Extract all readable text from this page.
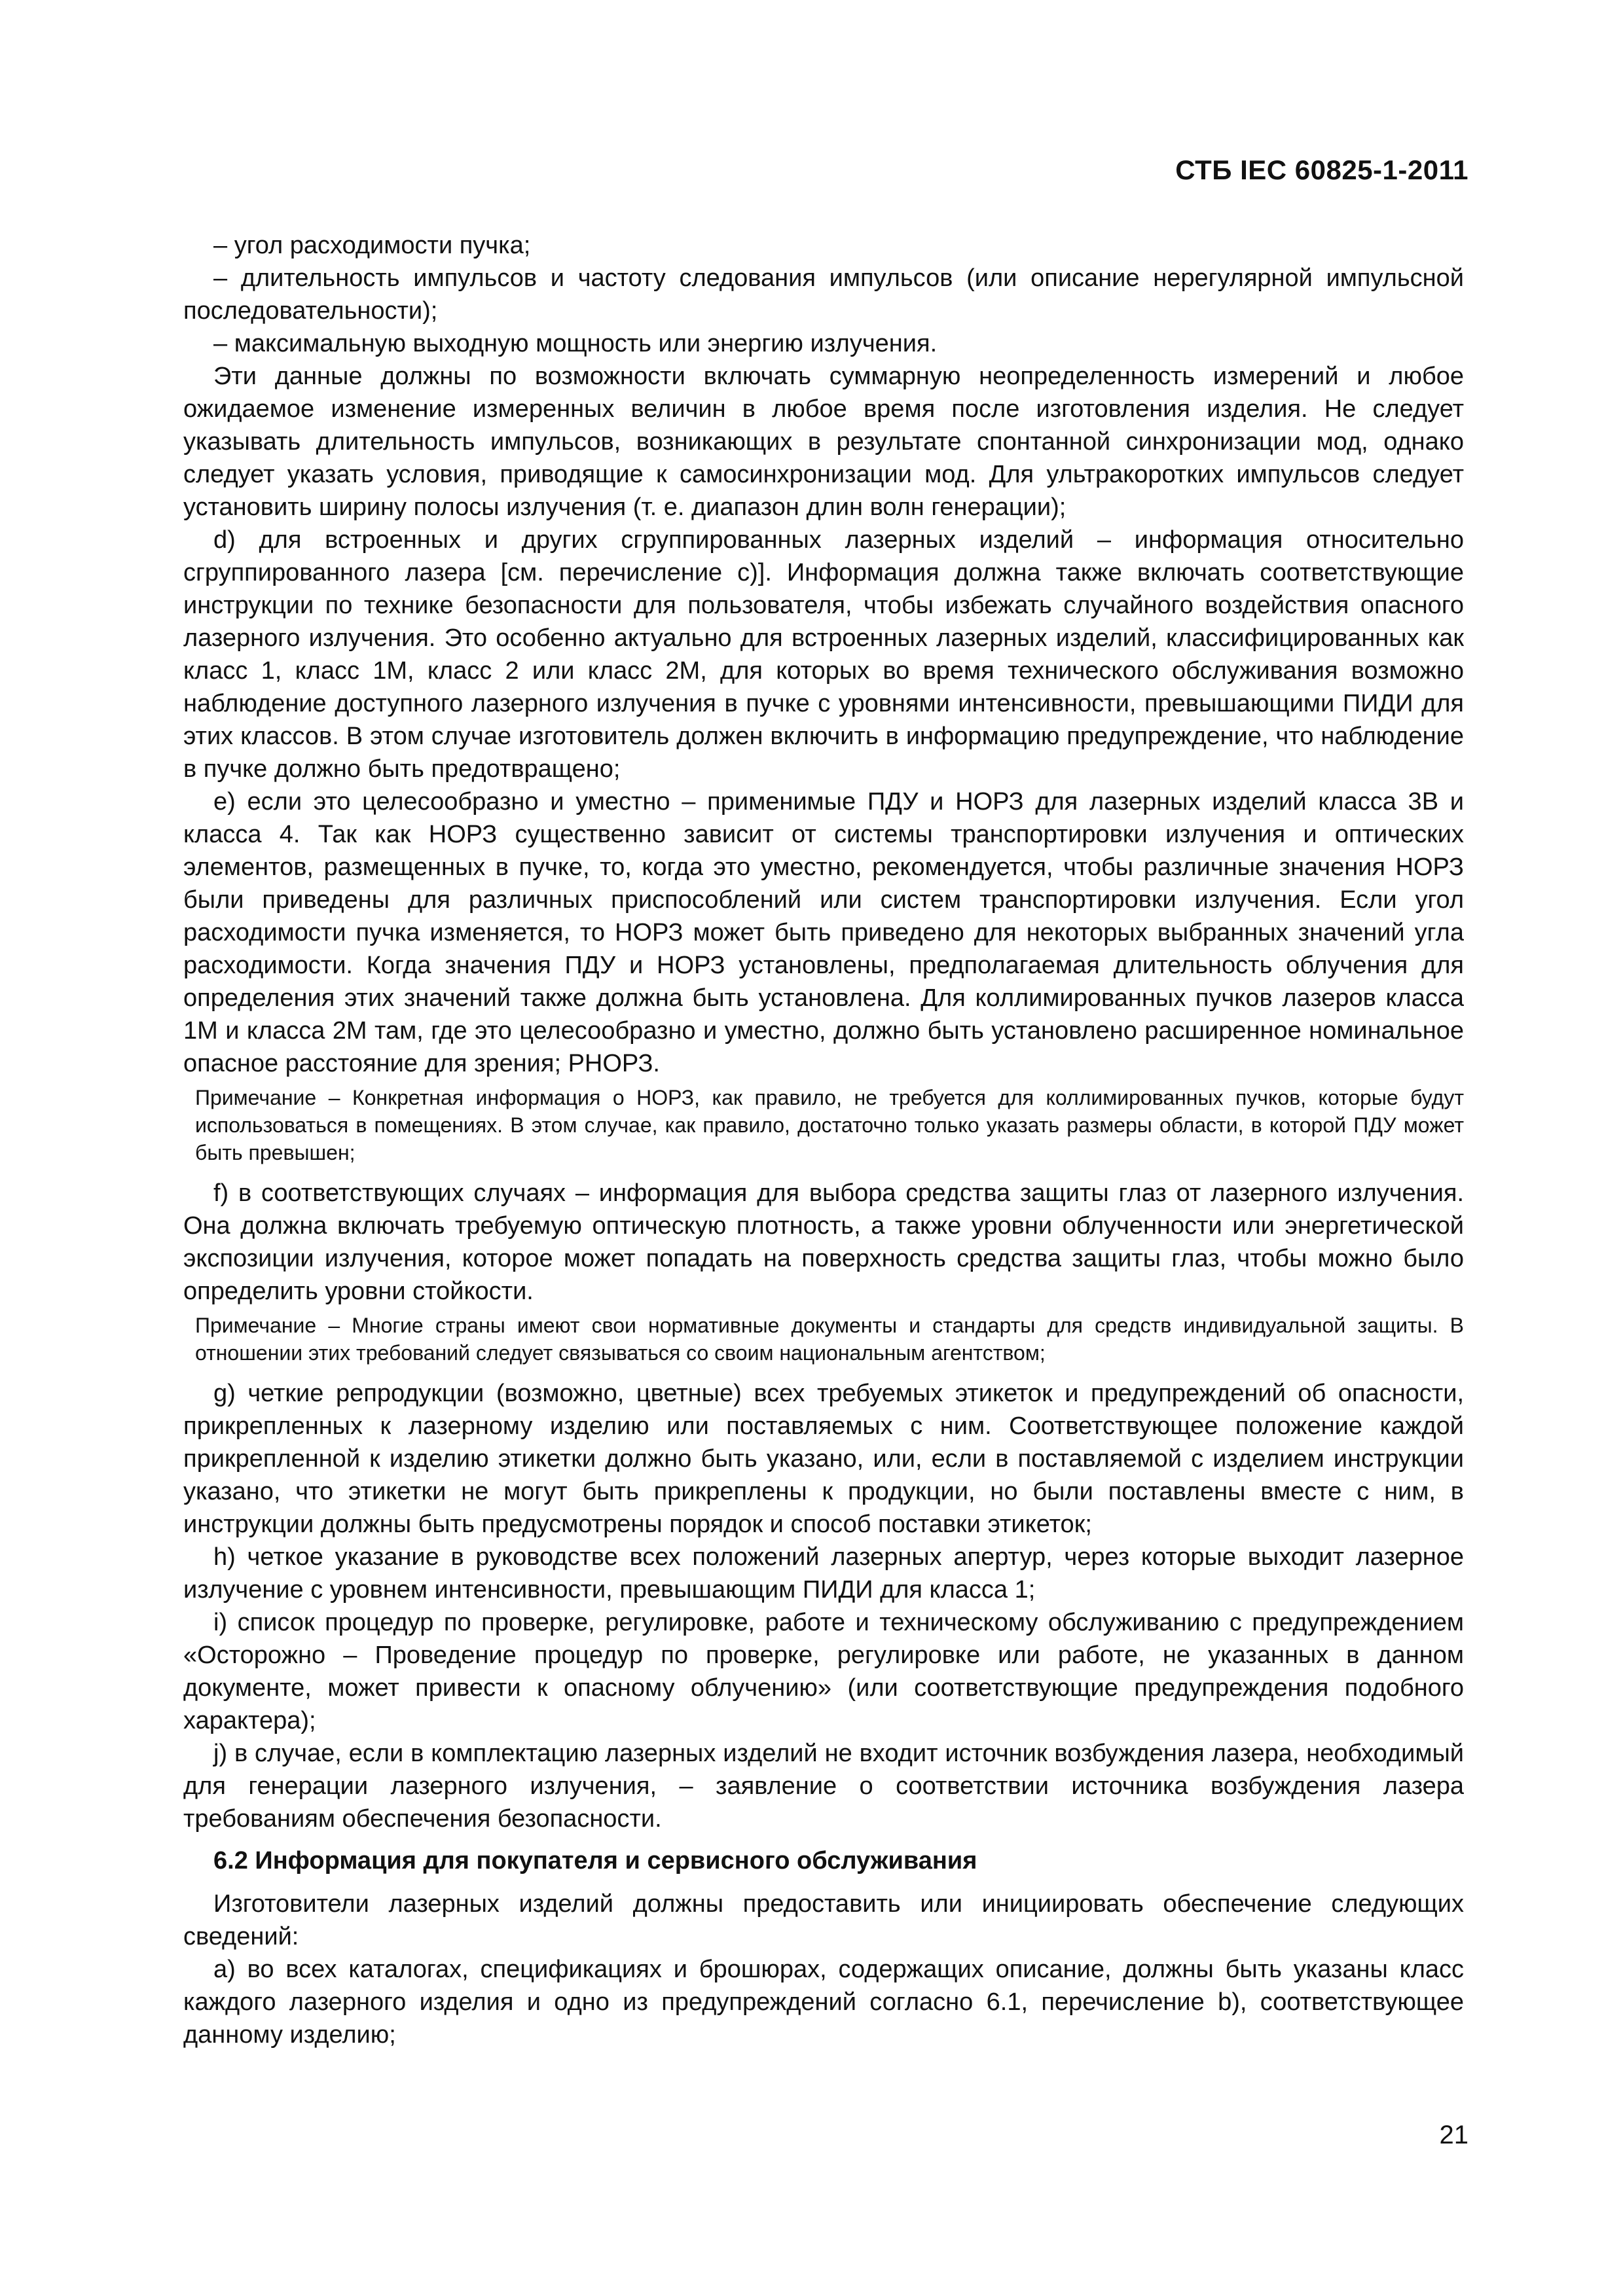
СТБ IEC 60825-1-2011

– угол расходимости пучка;

– длительность импульсов и частоту следования импульсов (или описание нерегулярной импульсной последовательности);

– максимальную выходную мощность или энергию излучения.

Эти данные должны по возможности включать суммарную неопределенность измерений и любое ожидаемое изменение измеренных величин в любое время после изготовления изделия. Не следует указывать длительность импульсов, возникающих в результате спонтанной синхронизации мод, однако следует указать условия, приводящие к самосинхронизации мод. Для ультракоротких импульсов следует установить ширину полосы излучения (т. е. диапазон длин волн генерации);

d) для встроенных и других сгруппированных лазерных изделий – информация относительно сгруппированного лазера [см. перечисление с)]. Информация должна также включать соответствующие инструкции по технике безопасности для пользователя, чтобы избежать случайного воздействия опасного лазерного излучения. Это особенно актуально для встроенных лазерных изделий, классифицированных как класс 1, класс 1М, класс 2 или класс 2М, для которых во время технического обслуживания возможно наблюдение доступного лазерного излучения в пучке с уровнями интенсивности, превышающими ПИДИ для этих классов. В этом случае изготовитель должен включить в информацию предупреждение, что наблюдение в пучке должно быть предотвращено;

е) если это целесообразно и уместно – применимые ПДУ и НОРЗ для лазерных изделий класса 3В и класса 4. Так как НОРЗ существенно зависит от системы транспортировки излучения и оптических элементов, размещенных в пучке, то, когда это уместно, рекомендуется, чтобы различные значения НОРЗ были приведены для различных приспособлений или систем транспортировки излучения. Если угол расходимости пучка изменяется, то НОРЗ может быть приведено для некоторых выбранных значений угла расходимости. Когда значения ПДУ и НОРЗ установлены, предполагаемая длительность облучения для определения этих значений также должна быть установлена. Для коллимированных пучков лазеров класса 1М и класса 2М там, где это целесообразно и уместно, должно быть установлено расширенное номинальное опасное расстояние для зрения; РНОРЗ.

Примечание – Конкретная информация о НОРЗ, как правило, не требуется для коллимированных пучков, которые будут использоваться в помещениях. В этом случае, как правило, достаточно только указать размеры области, в которой ПДУ может быть превышен;

f) в соответствующих случаях – информация для выбора средства защиты глаз от лазерного излучения. Она должна включать требуемую оптическую плотность, а также уровни облученности или энергетической экспозиции излучения, которое может попадать на поверхность средства защиты глаз, чтобы можно было определить уровни стойкости.

Примечание – Многие страны имеют свои нормативные документы и стандарты для средств индивидуальной защиты. В отношении этих требований следует связываться со своим национальным агентством;

g) четкие репродукции (возможно, цветные) всех требуемых этикеток и предупреждений об опасности, прикрепленных к лазерному изделию или поставляемых с ним. Соответствующее положение каждой прикрепленной к изделию этикетки должно быть указано, или, если в поставляемой с изделием инструкции указано, что этикетки не могут быть прикреплены к продукции, но были поставлены вместе с ним, в инструкции должны быть предусмотрены порядок и способ поставки этикеток;

h) четкое указание в руководстве всех положений лазерных апертур, через которые выходит лазерное излучение с уровнем интенсивности, превышающим ПИДИ для класса 1;

i) список процедур по проверке, регулировке, работе и техническому обслуживанию с предупреждением «Осторожно – Проведение процедур по проверке, регулировке или работе, не указанных в данном документе, может привести к опасному облучению» (или соответствующие предупреждения подобного характера);

j) в случае, если в комплектацию лазерных изделий не входит источник возбуждения лазера, необходимый для генерации лазерного излучения, – заявление о соответствии источника возбуждения лазера требованиям обеспечения безопасности.

6.2 Информация для покупателя и сервисного обслуживания

Изготовители лазерных изделий должны предоставить или инициировать обеспечение следующих сведений:

a) во всех каталогах, спецификациях и брошюрах, содержащих описание, должны быть указаны класс каждого лазерного изделия и одно из предупреждений согласно 6.1, перечисление b), соответствующее данному изделию;

21
